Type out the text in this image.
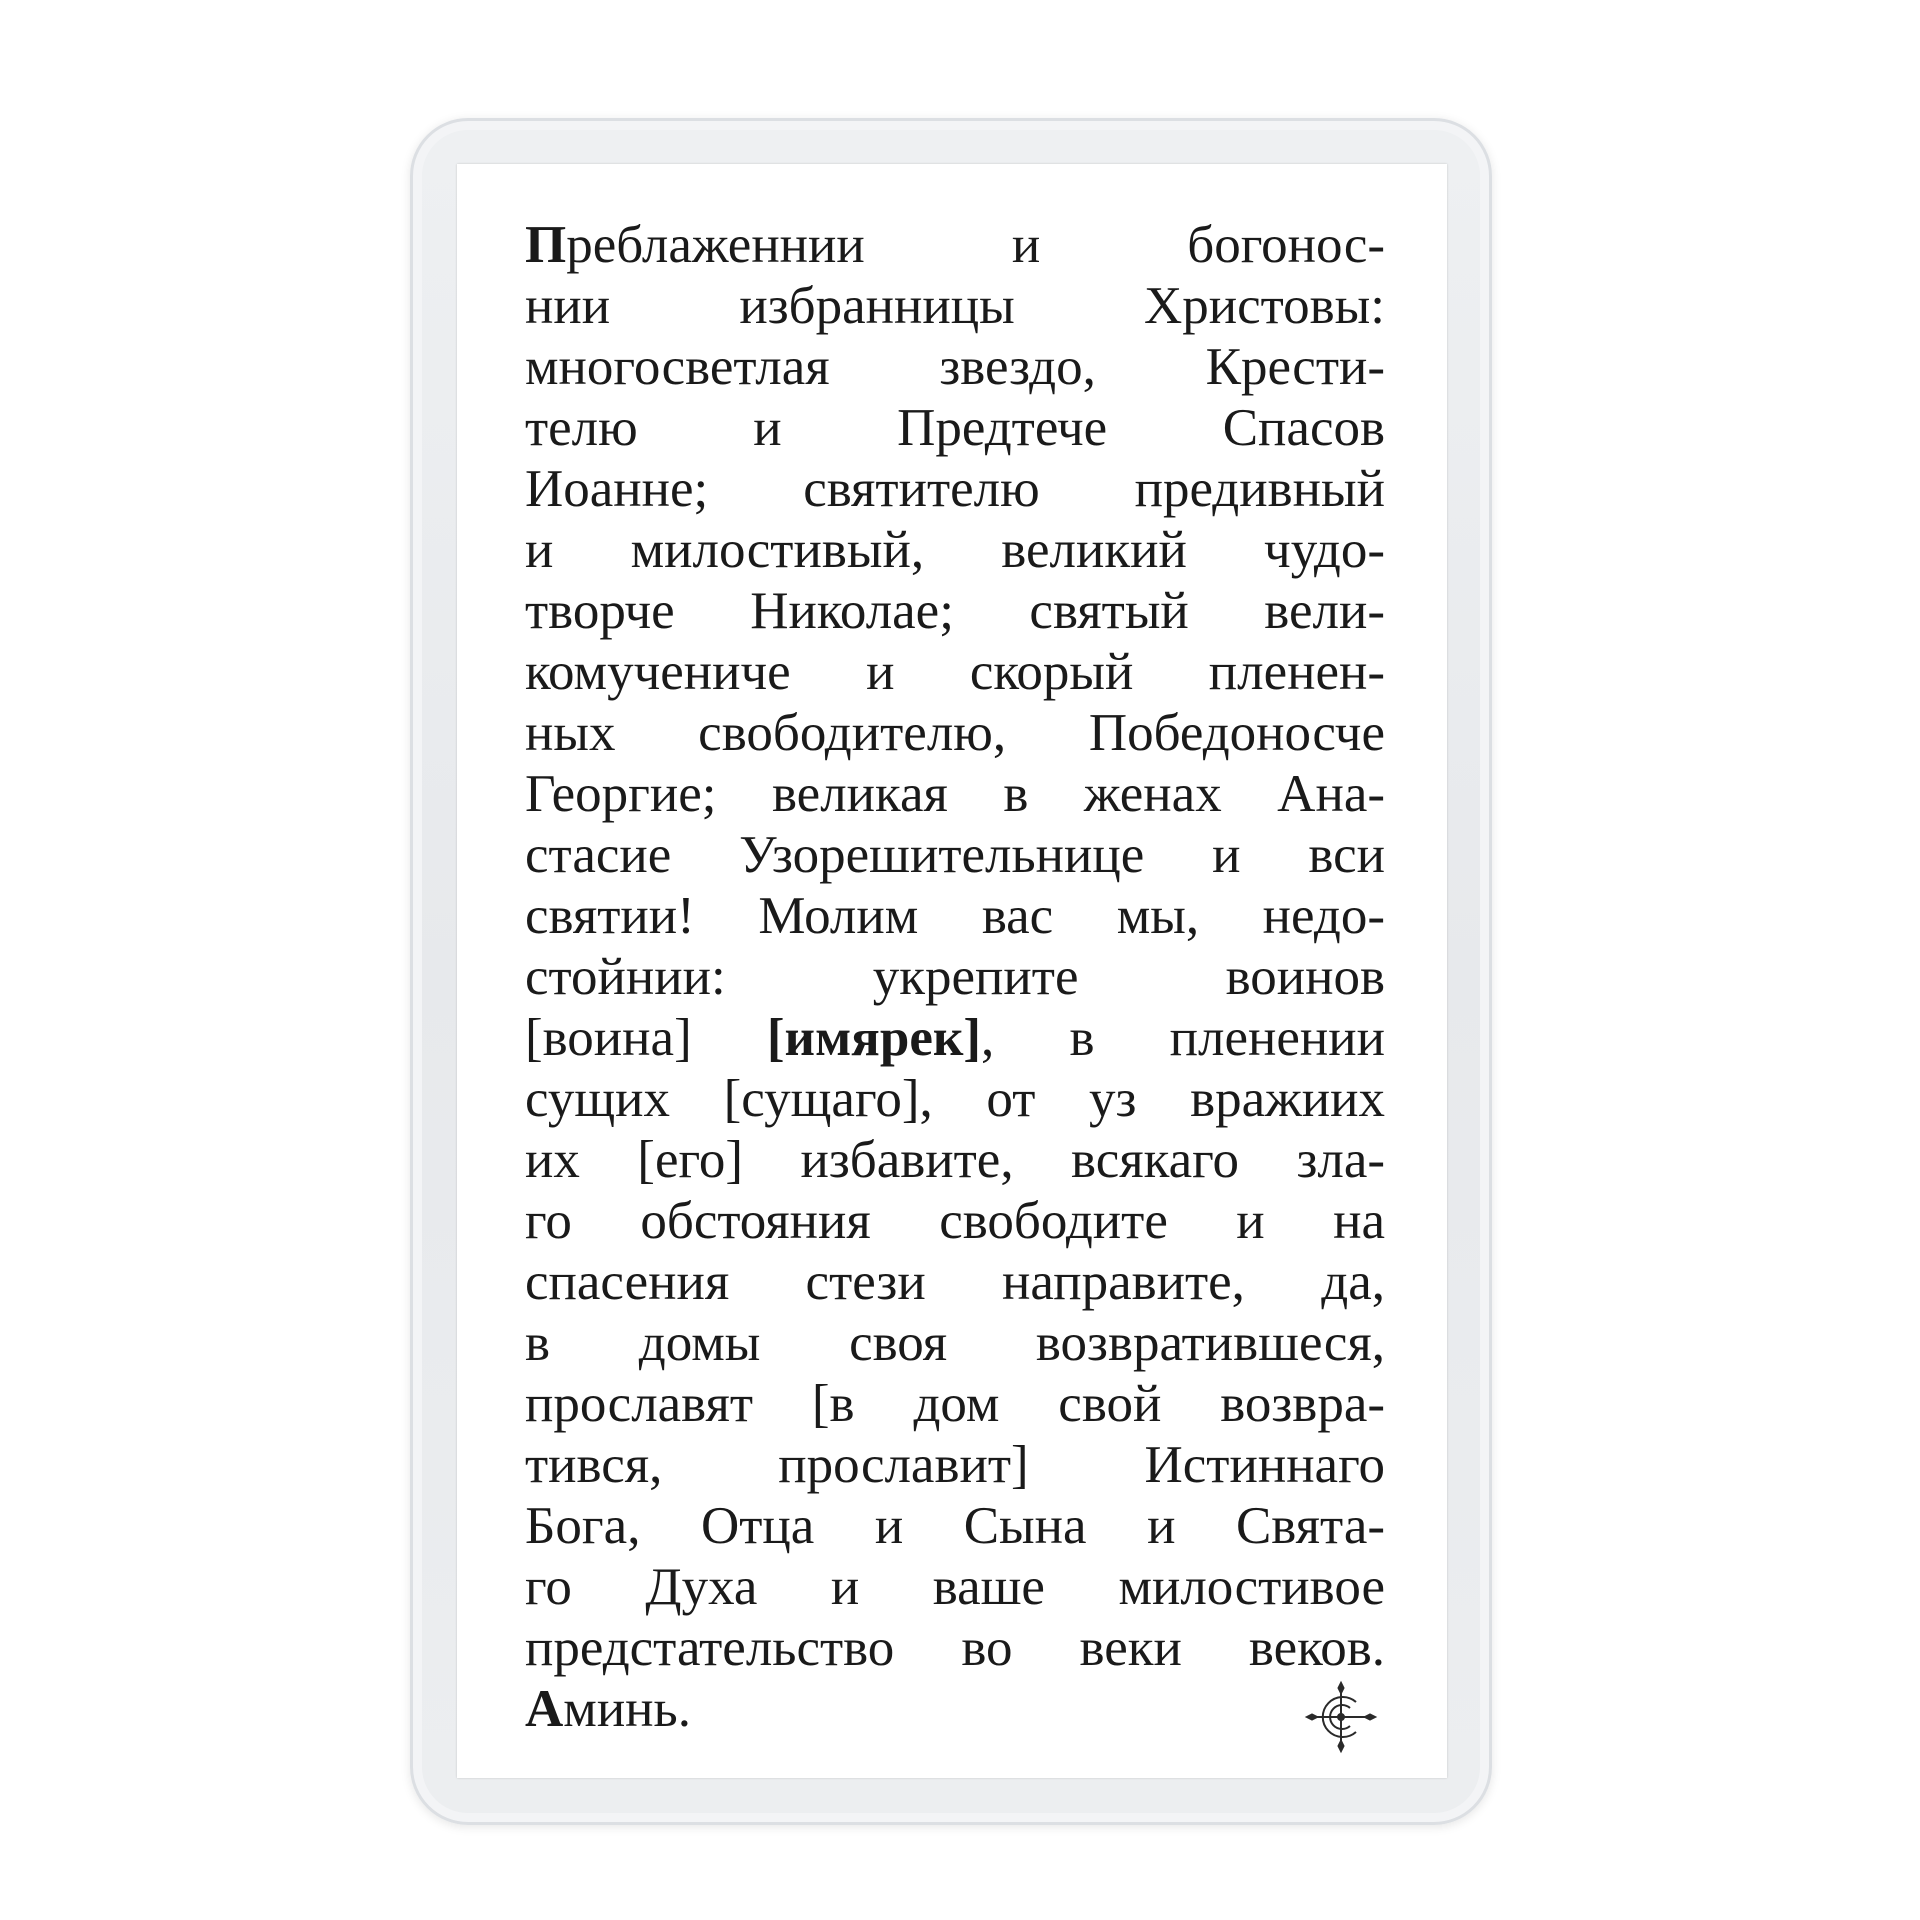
Преблаженнии и богонос-
нии избранницы Христовы:
многосветлая звездо, Крести-
телю и Предтече Спасов
Иоанне; святителю предивный
и милостивый, великий чудо-
творче Николае; святый вели-
комучениче и скорый пленен-
ных свободителю, Победоносче
Георгие; великая в женах Ана-
стасие Узорешительнице и вси
святии! Молим вас мы, недо-
стойнии: укрепите воинов
[воина] [имярек], в пленении
сущих [сущаго], от уз вражиих
их [его] избавите, всякаго зла-
го обстояния свободите и на
спасения стези направите, да,
в домы своя возвратившеся,
прославят [в дом свой возвра-
тився, прославит] Истиннаго
Бога, Отца и Сына и Свята-
го Духа и ваше милостивое
предстательство во веки веков.
Аминь.
